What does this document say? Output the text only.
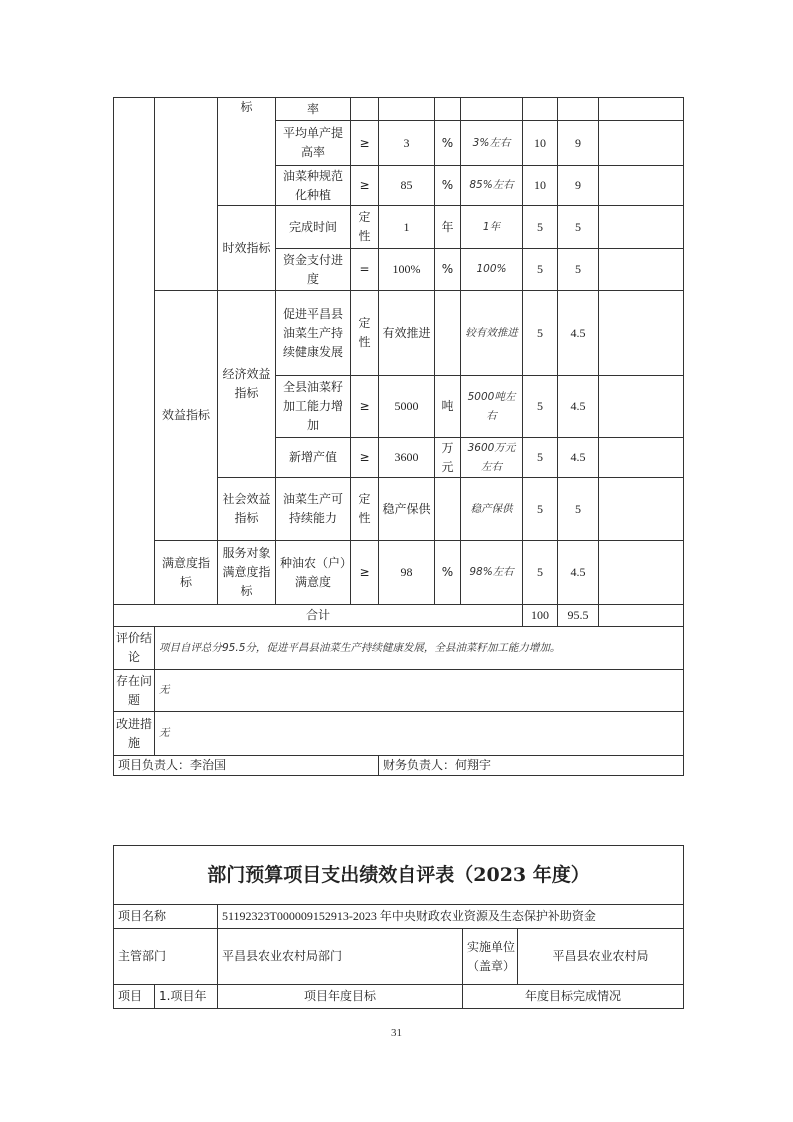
		标	率							
			平均单产提高率	≥	3	%	3%左右	10	9	
			油菜种规范化种植	≥	85	%	85%左右	10	9	
		时效指标	完成时间	定性	1	年	1年	5	5	
			资金支付进度	=	100%	%	100%	5	5	
	效益指标	经济效益指标	促进平昌县油菜生产持续健康发展	定性	有效推进		较有效推进	5	4.5	
			全县油菜籽加工能力增加	≥	5000	吨	5000吨左右	5	4.5	
			新增产值	≥	3600	万元	3600万元左右	5	4.5	
		社会效益指标	油菜生产可持续能力	定性	稳产保供		稳产保供	5	5	
	满意度指标	服务对象满意度指标	种油农（户）满意度	≥	98	%	98%左右	5	4.5	
合计								100	95.5	
评价结论	项目自评总分95.5分，促进平昌县油菜生产持续健康发展，全县油菜籽加工能力增加。									
存在问题	无									
改进措施	无									
项目负责人：李治国					财务负责人：何翔宇					
部门预算项目支出绩效自评表（2023 年度）				
项目名称		51192323T000009152913-2023 年中央财政农业资源及生态保护补助资金		
主管部门		平昌县农业农村局部门	实施单位（盖章）	平昌县农业农村局
项目	1.项目年	项目年度目标	年度目标完成情况	
31
